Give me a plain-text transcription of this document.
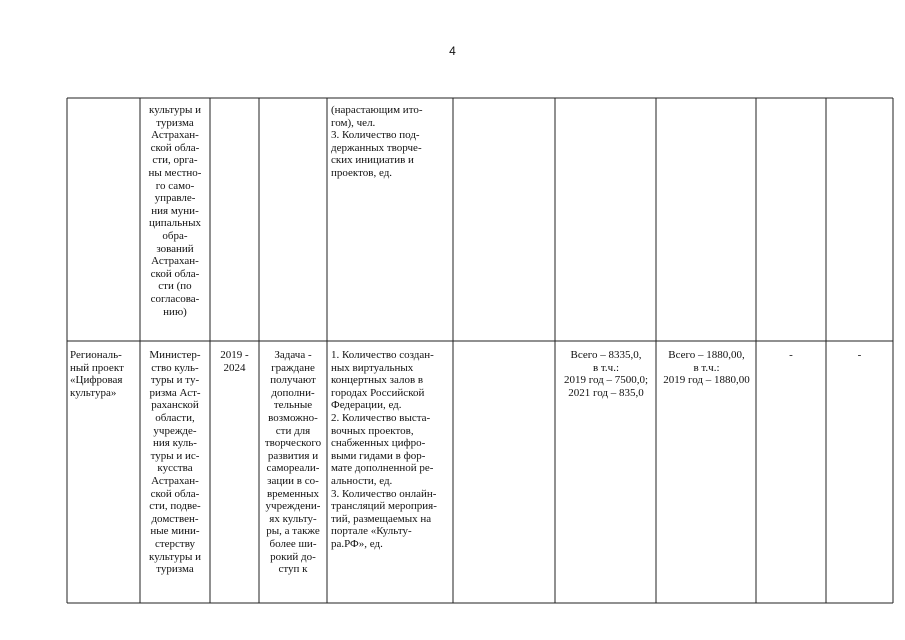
4
культуры и
туризма
Астрахан-
ской обла-
сти, орга-
ны местно-
го само-
управле-
ния муни-
ципальных
обра-
зований
Астрахан-
ской обла-
сти (по
согласова-
нию)
(нарастающим ито-
гом), чел.
3. Количество под-
держанных творче-
ских инициатив и
проектов, ед.
Региональ-
ный проект
«Цифровая
культура»
Министер-
ство куль-
туры и ту-
ризма Аст-
раханской
области,
учрежде-
ния куль-
туры и ис-
кусства
Астрахан-
ской обла-
сти, подве-
домствен-
ные мини-
стерству
культуры и
туризма
2019 -
2024
Задача -
граждане
получают
дополни-
тельные
возможно-
сти для
творческого
развития и
самореали-
зации в со-
временных
учреждени-
ях культу-
ры, а также
более ши-
рокий до-
ступ к
1. Количество создан-
ных виртуальных
концертных залов в
городах Российской
Федерации, ед.
2. Количество выста-
вочных проектов,
снабженных цифро-
выми гидами в фор-
мате дополненной ре-
альности, ед.
3. Количество онлайн-
трансляций мероприя-
тий, размещаемых на
портале «Культу-
ра.РФ», ед.
Всего – 8335,0,
в т.ч.:
2019 год – 7500,0;
2021 год – 835,0
Всего – 1880,00,
в т.ч.:
2019 год – 1880,00
-	-
